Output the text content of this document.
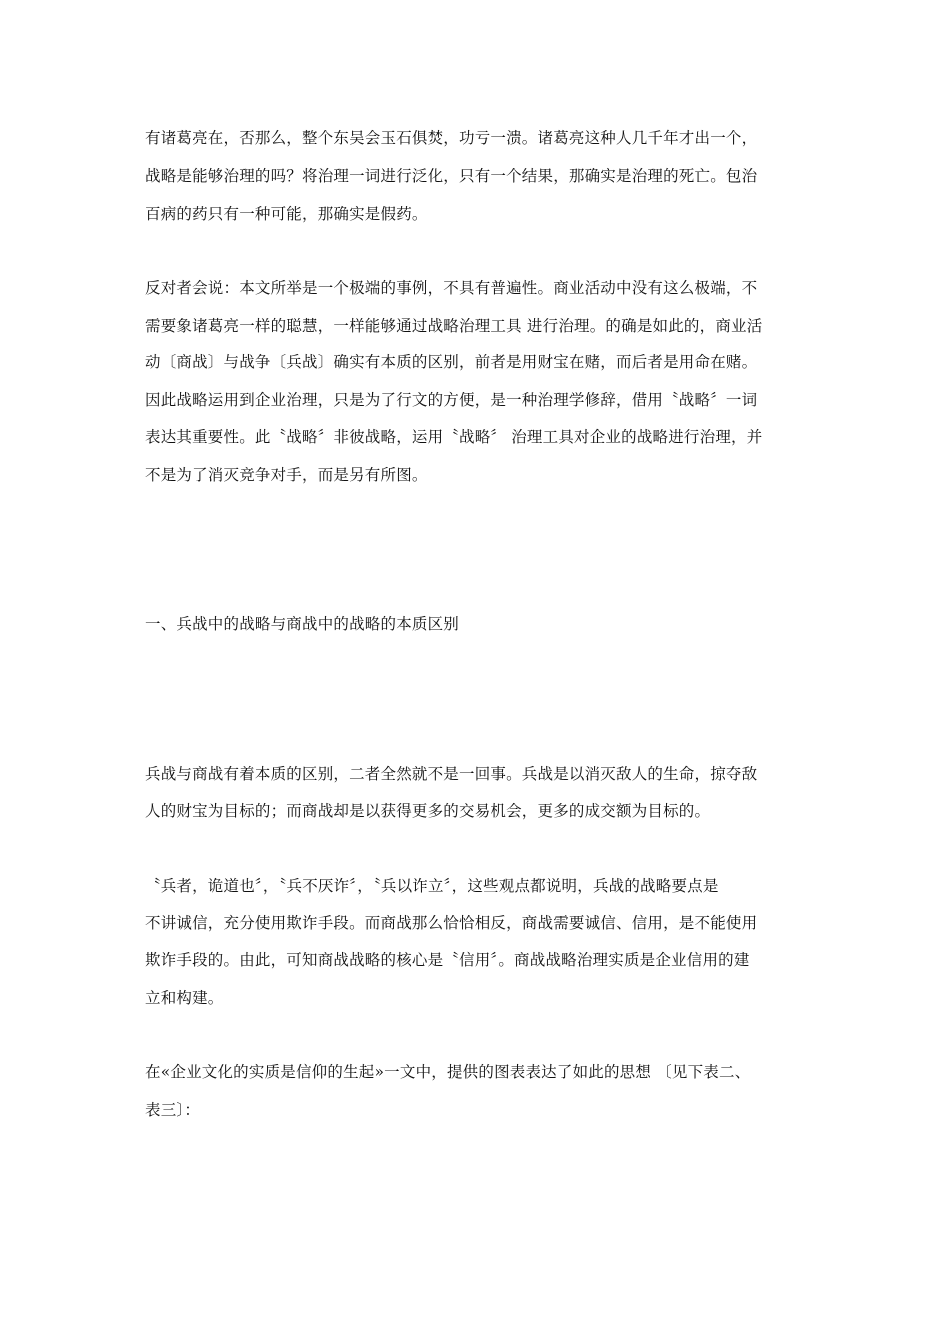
有诸葛亮在，否那么，整个东吴会玉石俱焚，功亏一溃。诸葛亮这种人几千年才出一个，
战略是能够治理的吗？将治理一词进行泛化，只有一个结果，那确实是治理的死亡。包治
百病的药只有一种可能，那确实是假药。
反对者会说：本文所举是一个极端的事例，不具有普遍性。商业活动中没有这么极端，不
需要象诸葛亮一样的聪慧，一样能够通过战略治理工具 进行治理。的确是如此的，商业活
动〔商战〕与战争〔兵战〕确实有本质的区别，前者是用财宝在赌，而后者是用命在赌。
因此战略运用到企业治理，只是为了行文的方便，是一种治理学修辞，借用〝战略〞一词
表达其重要性。此〝战略〞非彼战略，运用〝战略〞 治理工具对企业的战略进行治理，并
不是为了消灭竞争对手，而是另有所图。
一、兵战中的战略与商战中的战略的本质区别
兵战与商战有着本质的区别，二者全然就不是一回事。兵战是以消灭敌人的生命，掠夺敌
人的财宝为目标的；而商战却是以获得更多的交易机会，更多的成交额为目标的。
〝兵者，诡道也〞，〝兵不厌诈〞，〝兵以诈立〞，这些观点都说明，兵战的战略要点是
不讲诚信，充分使用欺诈手段。而商战那么恰恰相反，商战需要诚信、信用，是不能使用
欺诈手段的。由此，可知商战战略的核心是〝信用〞。商战战略治理实质是企业信用的建
立和构建。
在«企业文化的实质是信仰的生起»一文中，提供的图表表达了如此的思想 〔见下表二、
表三〕：
